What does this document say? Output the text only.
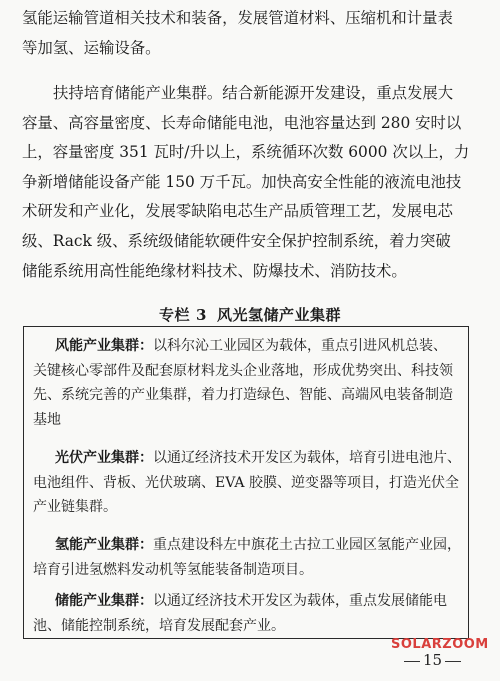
氢能运输管道相关技术和装备，发展管道材料、压缩机和计量表
等加氢、运输设备。
扶持培育储能产业集群。结合新能源开发建设，重点发展大
容量、高容量密度、长寿命储能电池，电池容量达到 280 安时以
上，容量密度 351 瓦时/升以上，系统循环次数 6000 次以上，力
争新增储能设备产能 150 万千瓦。加快高安全性能的液流电池技
术研发和产业化，发展零缺陷电芯生产品质管理工艺，发展电芯
级、Rack 级、系统级储能软硬件安全保护控制系统，着力突破
储能系统用高性能绝缘材料技术、防爆技术、消防技术。
专栏 3 风光氢储产业集群

风能产业集群：以科尔沁工业园区为载体，重点引进风机总装、
关键核心零部件及配套原材料龙头企业落地，形成优势突出、科技领
先、系统完善的产业集群，着力打造绿色、智能、高端风电装备制造
基地

光伏产业集群：以通辽经济技术开发区为载体，培育引进电池片、
电池组件、背板、光伏玻璃、EVA 胶膜、逆变器等项目，打造光伏全
产业链集群。

氢能产业集群：重点建设科左中旗花土古拉工业园区氢能产业园，
培育引进氢燃料发动机等氢能装备制造项目。

储能产业集群：以通辽经济技术开发区为载体，重点发展储能电
池、储能控制系统，培育发展配套产业。

SOLARZOOM
15
